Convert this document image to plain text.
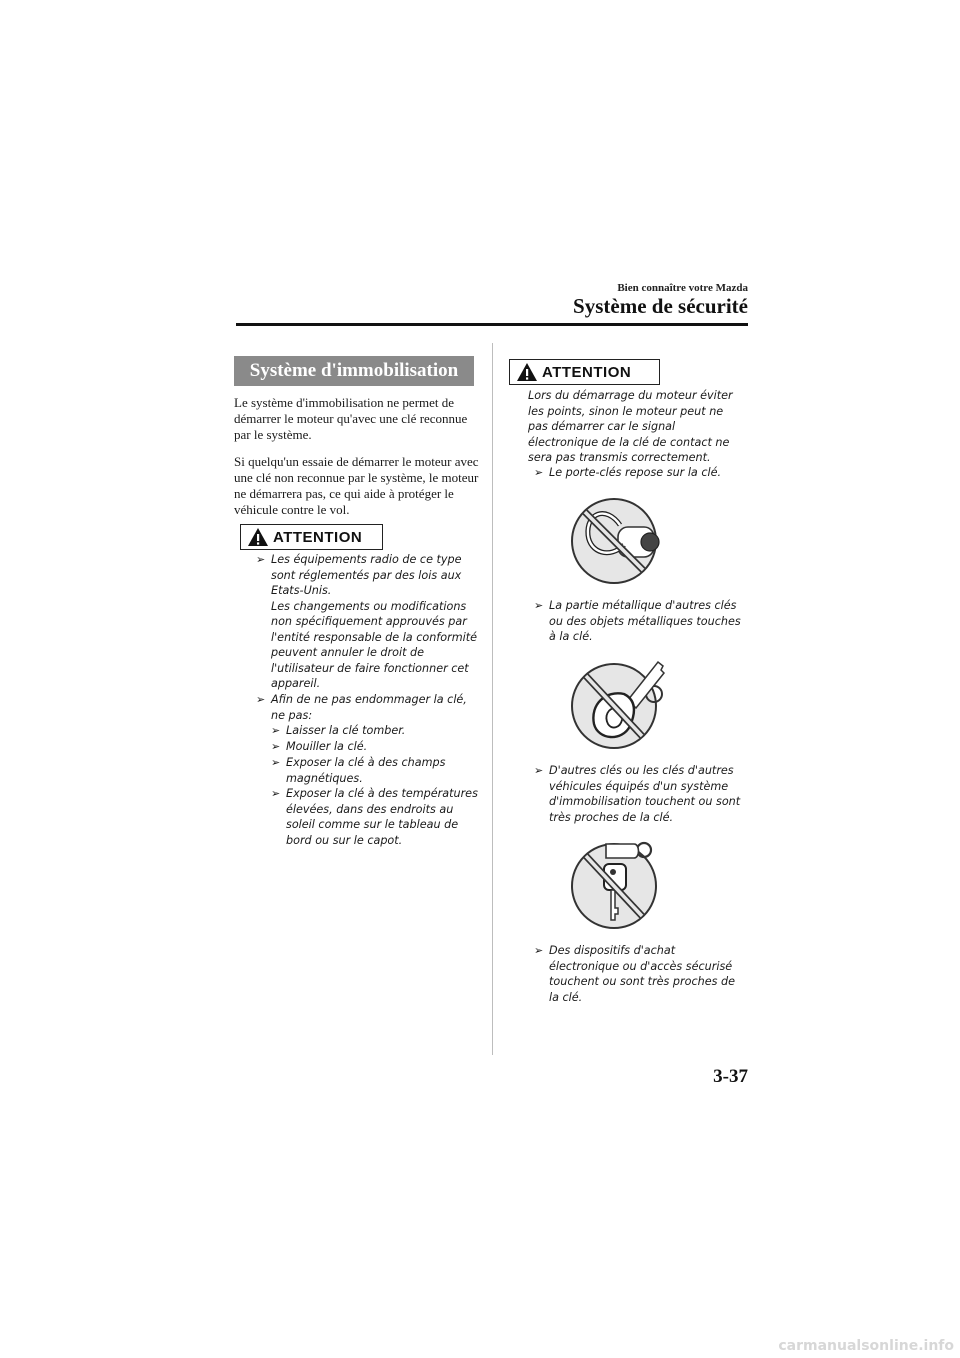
Bien connaître votre Mazda
Système de sécurité
Système d'immobilisation
Le système d'immobilisation ne permet de démarrer le moteur qu'avec une clé reconnue par le système.
Si quelqu'un essaie de démarrer le moteur avec une clé non reconnue par le système, le moteur ne démarrera pas, ce qui aide à protéger le véhicule contre le vol.
ATTENTION
➢ Les équipements radio de ce type sont réglementés par des lois aux Etats-Unis.
Les changements ou modifications non spécifiquement approuvés par l'entité responsable de la conformité peuvent annuler le droit de l'utilisateur de faire fonctionner cet appareil.
➢ Afin de ne pas endommager la clé, ne pas:
➢ Laisser la clé tomber.
➢ Mouiller la clé.
➢ Exposer la clé à des champs magnétiques.
➢ Exposer la clé à des températures élevées, dans des endroits au soleil comme sur le tableau de bord ou sur le capot.
ATTENTION
Lors du démarrage du moteur éviter les points, sinon le moteur peut ne pas démarrer car le signal électronique de la clé de contact ne sera pas transmis correctement.
➢ Le porte-clés repose sur la clé.
➢ La partie métallique d'autres clés ou des objets métalliques touches à la clé.
➢ D'autres clés ou les clés d'autres véhicules équipés d'un système d'immobilisation touchent ou sont très proches de la clé.
➢ Des dispositifs d'achat électronique ou d'accès sécurisé touchent ou sont très proches de la clé.
3-37
carmanualsonline.info
